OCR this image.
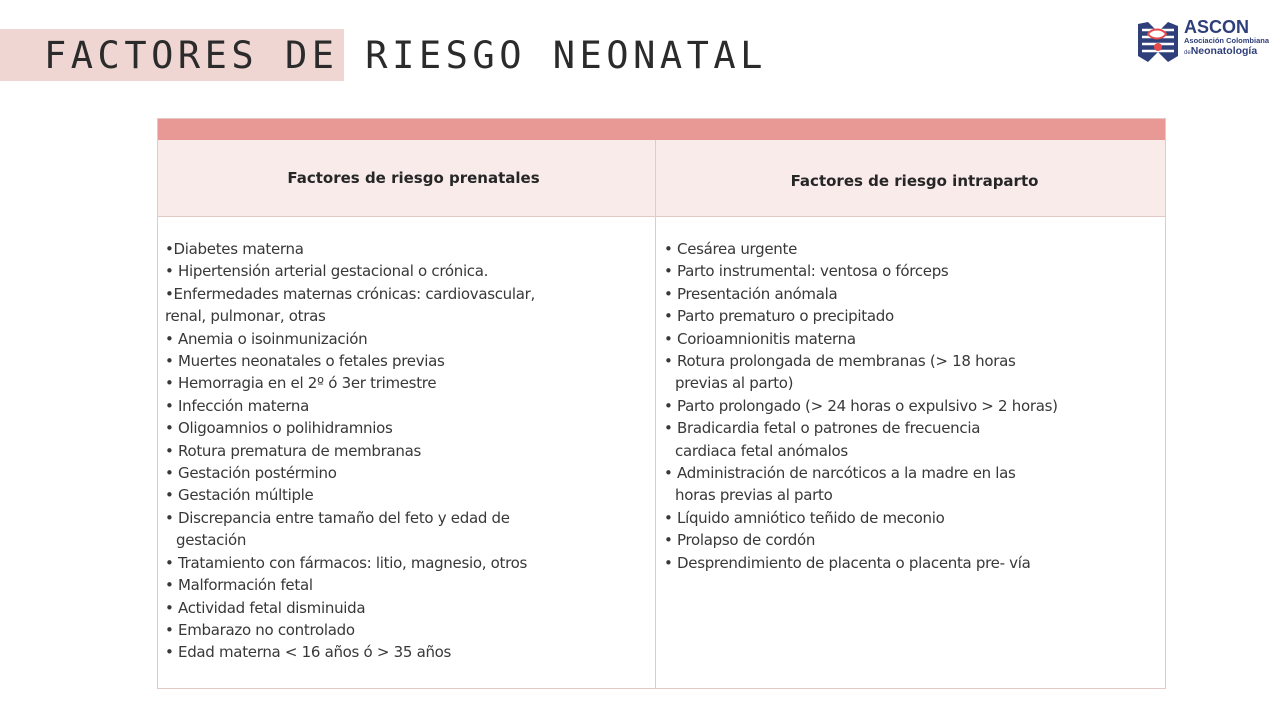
FACTORES DE RIESGO NEONATAL
ASCON
Asociación Colombiana
deNeonatología
Factores de riesgo prenatales	Factores de riesgo intraparto
•Diabetes materna
• Hipertensión arterial gestacional o crónica.
•Enfermedades maternas crónicas: cardiovascular,
renal, pulmonar, otras
• Anemia o isoinmunización
• Muertes neonatales o fetales previas
• Hemorragia en el 2º ó 3er trimestre
• Infección materna
• Oligoamnios o polihidramnios
• Rotura prematura de membranas
• Gestación postérmino
• Gestación múltiple
• Discrepancia entre tamaño del feto y edad de
gestación
• Tratamiento con fármacos: litio, magnesio, otros
• Malformación fetal
• Actividad fetal disminuida
• Embarazo no controlado
• Edad materna < 16 años ó > 35 años
• Cesárea urgente
• Parto instrumental: ventosa o fórceps
• Presentación anómala
• Parto prematuro o precipitado
• Corioamnionitis materna
• Rotura prolongada de membranas (> 18 horas
previas al parto)
• Parto prolongado (> 24 horas o expulsivo > 2 horas)
• Bradicardia fetal o patrones de frecuencia
cardiaca fetal anómalos
• Administración de narcóticos a la madre en las
horas previas al parto
• Líquido amniótico teñido de meconio
• Prolapso de cordón
• Desprendimiento de placenta o placenta pre- vía
